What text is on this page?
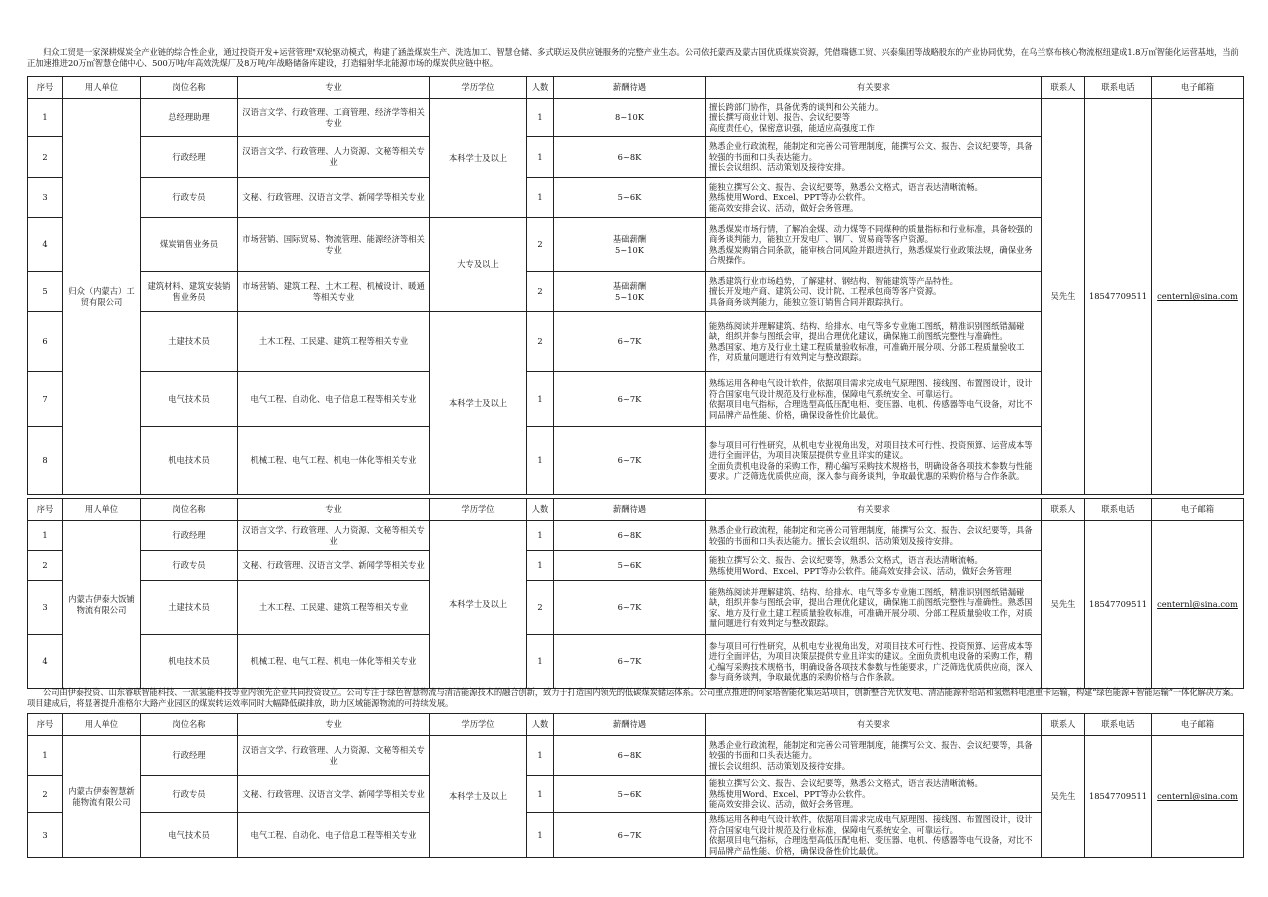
归众工贸是一家深耕煤炭全产业链的综合性企业，通过投资开发+运营管理"双轮驱动模式，构建了涵盖煤炭生产、洗选加工、智慧仓储、多式联运及供应链服务的完整产业生态。公司依托蒙西及蒙古国优质煤炭资源，凭借瑞德工贸、兴泰集团等战略股东的产业协同优势，在乌兰察布核心物流枢纽建成1.8万㎡智能化运营基地，当前正加速推进20万㎡智慧仓储中心、500万吨/年高效洗煤厂及8万吨/年战略储备库建设，打造辐射华北能源市场的煤炭供应链中枢。
序号	用人单位	岗位名称	专业	学历学位	人数	薪酬待遇	有关要求	联系人	联系电话	电子邮箱
1	归众（内蒙古）工贸有限公司	总经理助理	汉语言文学、行政管理、工商管理、经济学等相关专业	本科学士及以上	1	8~10K	擅长跨部门协作，具备优秀的谈判和公关能力。
擅长撰写商业计划、报告、会议纪要等
高度责任心，保密意识强，能适应高强度工作	吴先生	18547709511	centernl@sina.com
2		行政经理	汉语言文学、行政管理、人力资源、文秘等相关专业		1	6~8K	熟悉企业行政流程，能制定和完善公司管理制度，能撰写公文、报告、会议纪要等，具备较强的书面和口头表达能力。
擅长会议组织、活动策划及接待安排。			
3		行政专员	文秘、行政管理、汉语言文学、新闻学等相关专业		1	5~6K	能独立撰写公文、报告、会议纪要等，熟悉公文格式，语言表达清晰流畅。
熟练使用Word、Excel、PPT等办公软件。
能高效安排会议、活动，做好会务管理。			
4		煤炭销售业务员	市场营销、国际贸易、物流管理、能源经济等相关专业	大专及以上	2	基础薪酬
5~10K	熟悉煤炭市场行情，了解冶金煤、动力煤等不同煤种的质量指标和行业标准，具备较强的商务谈判能力，能独立开发电厂、钢厂、贸易商等客户资源。
熟悉煤炭购销合同条款，能审核合同风险并跟进执行，熟悉煤炭行业政策法规，确保业务合规操作。			
5		建筑材料、建筑安装销售业务员	市场营销、建筑工程、土木工程、机械设计、暖通等相关专业		2	基础薪酬
5~10K	熟悉建筑行业市场趋势，了解建材、钢结构、智能建筑等产品特性。
擅长开发地产商、建筑公司、设计院、工程承包商等客户资源。
具备商务谈判能力，能独立签订销售合同并跟踪执行。			
6		土建技术员	土木工程、工民建、建筑工程等相关专业	本科学士及以上	2	6~7K	能熟练阅读并理解建筑、结构、给排水、电气等多专业施工图纸，精准识别图纸错漏碰缺，组织并参与图纸会审，提出合理优化建议，确保施工前图纸完整性与准确性。
熟悉国家、地方及行业土建工程质量验收标准，可准确开展分项、分部工程质量验收工作，对质量问题进行有效判定与整改跟踪。			
7		电气技术员	电气工程、自动化、电子信息工程等相关专业		1	6~7K	熟练运用各种电气设计软件，依据项目需求完成电气原理图、接线图、布置图设计，设计符合国家电气设计规范及行业标准，保障电气系统安全、可靠运行。
依据项目电气指标，合理选型高低压配电柜、变压器、电机、传感器等电气设备，对比不同品牌产品性能、价格，确保设备性价比最优。			
8		机电技术员	机械工程、电气工程、机电一体化等相关专业		1	6~7K	参与项目可行性研究，从机电专业视角出发，对项目技术可行性、投资预算、运营成本等进行全面评估，为项目决策层提供专业且详实的建议。
全面负责机电设备的采购工作，精心编写采购技术规格书，明确设备各项技术参数与性能要求。广泛筛选优质供应商，深入参与商务谈判，争取最优惠的采购价格与合作条款。			
序号	用人单位	岗位名称	专业	学历学位	人数	薪酬待遇	有关要求	联系人	联系电话	电子邮箱
1	内蒙古伊泰大饭铺物流有限公司	行政经理	汉语言文学、行政管理、人力资源、文秘等相关专业	本科学士及以上	1	6~8K	熟悉企业行政流程，能制定和完善公司管理制度，能撰写公文、报告、会议纪要等，具备较强的书面和口头表达能力。擅长会议组织、活动策划及接待安排。	吴先生	18547709511	centernl@sina.com
2		行政专员	文秘、行政管理、汉语言文学、新闻学等相关专业		1	5~6K	能独立撰写公文、报告、会议纪要等，熟悉公文格式，语言表达清晰流畅。
熟练使用Word、Excel、PPT等办公软件。能高效安排会议、活动，做好会务管理			
3		土建技术员	土木工程、工民建、建筑工程等相关专业		2	6~7K	能熟练阅读并理解建筑、结构、给排水、电气等多专业施工图纸，精准识别图纸错漏碰缺，组织并参与图纸会审，提出合理优化建议，确保施工前图纸完整性与准确性。熟悉国家、地方及行业土建工程质量验收标准，可准确开展分项、分部工程质量验收工作，对质量问题进行有效判定与整改跟踪。			
4		机电技术员	机械工程、电气工程、机电一体化等相关专业		1	6~7K	参与项目可行性研究，从机电专业视角出发，对项目技术可行性、投资预算、运营成本等进行全面评估，为项目决策层提供专业且详实的建议。全面负责机电设备的采购工作，精心编写采购技术规格书，明确设备各项技术参数与性能要求，广泛筛选优质供应商，深入参与商务谈判，争取最优惠的采购价格与合作条款。			
公司由伊泰投资、山东睿联智能科技、一派氢能科技等业内领先企业共同投资设立。公司专注于绿色智慧物流与清洁能源技术的融合创新，致力于打造国内领先的低碳煤炭储运体系。公司重点推进的何家塔智能化集运站项目，创新整合光伏发电、清洁能源补给站和氢燃料电池重卡运输，构建“绿色能源+智能运输”一体化解决方案。项目建成后，将显著提升准格尔大路产业园区的煤炭转运效率同时大幅降低碳排放，助力区域能源物流的可持续发展。
序号	用人单位	岗位名称	专业	学历学位	人数	薪酬待遇	有关要求	联系人	联系电话	电子邮箱
1	内蒙古伊泰智慧新能物流有限公司	行政经理	汉语言文学、行政管理、人力资源、文秘等相关专业	本科学士及以上	1	6~8K	熟悉企业行政流程，能制定和完善公司管理制度，能撰写公文、报告、会议纪要等，具备较强的书面和口头表达能力。
擅长会议组织、活动策划及接待安排。	吴先生	18547709511	centernl@sina.com
2		行政专员	文秘、行政管理、汉语言文学、新闻学等相关专业		1	5~6K	能独立撰写公文、报告、会议纪要等，熟悉公文格式，语言表达清晰流畅。
熟练使用Word、Excel、PPT等办公软件。
能高效安排会议、活动，做好会务管理。			
3		电气技术员	电气工程、自动化、电子信息工程等相关专业		1	6~7K	熟练运用各种电气设计软件，依据项目需求完成电气原理图、接线图、布置图设计，设计符合国家电气设计规范及行业标准，保障电气系统安全、可靠运行。
依据项目电气指标，合理选型高低压配电柜、变压器、电机、传感器等电气设备，对比不同品牌产品性能、价格，确保设备性价比最优。			
